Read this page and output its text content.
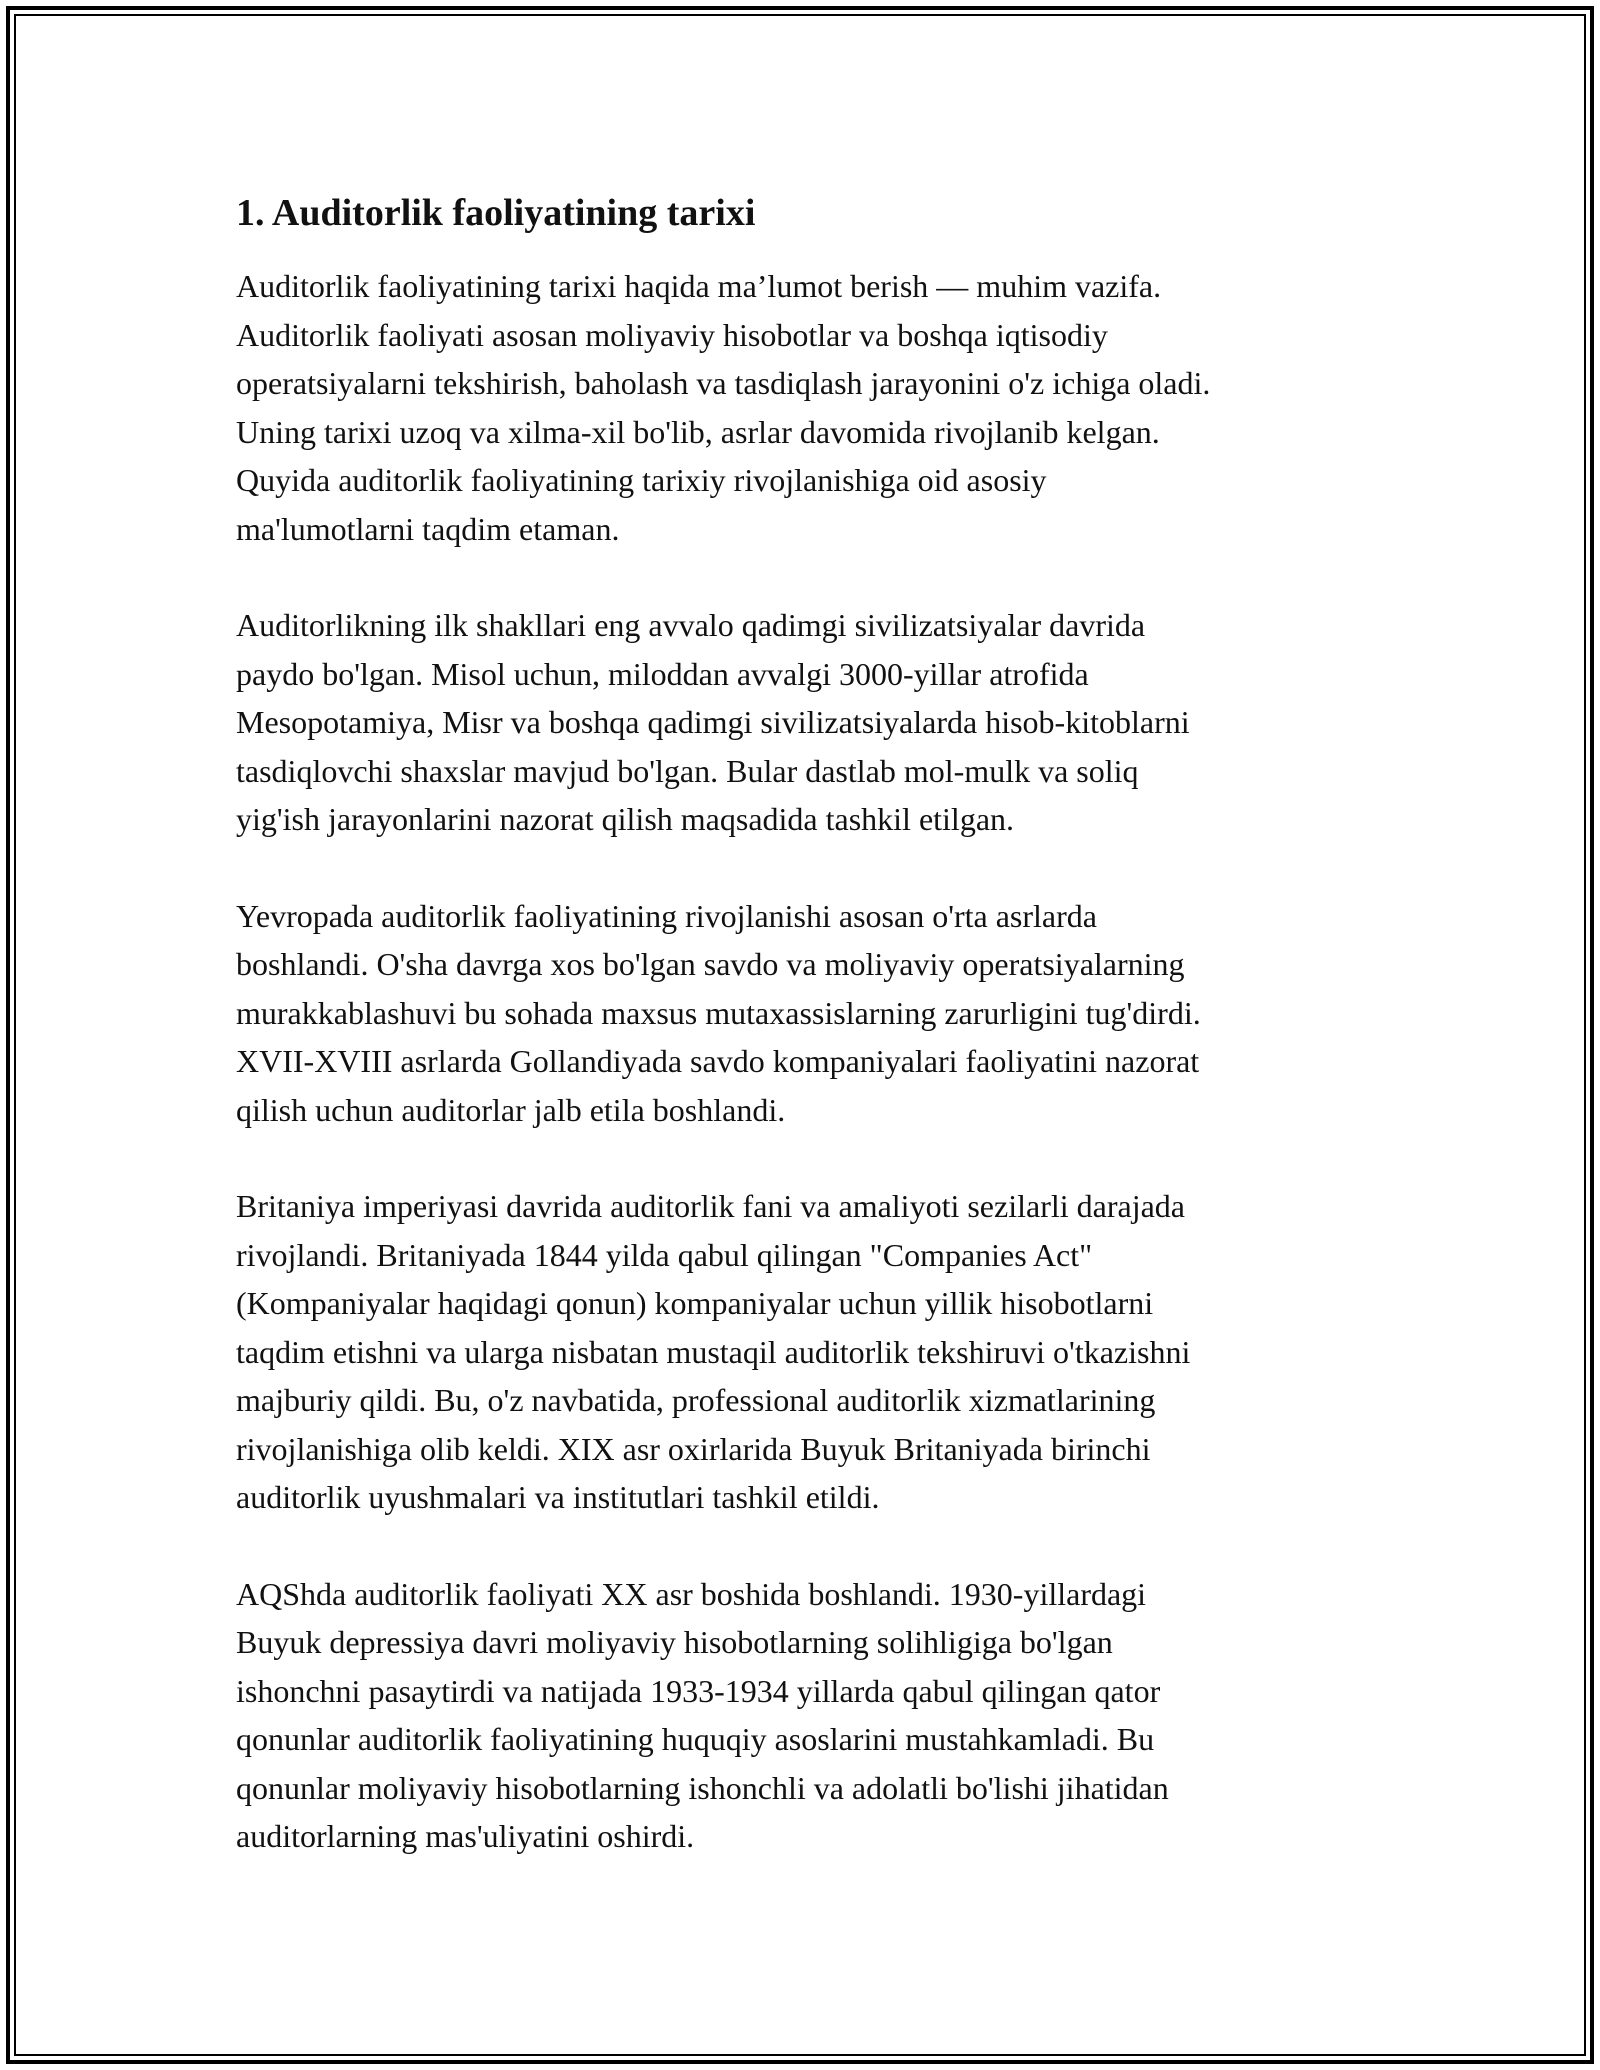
1. Auditorlik faoliyatining tarixi

Auditorlik faoliyatining tarixi haqida ma’lumot berish — muhim vazifa.
Auditorlik faoliyati asosan moliyaviy hisobotlar va boshqa iqtisodiy
operatsiyalarni tekshirish, baholash va tasdiqlash jarayonini o'z ichiga oladi.
Uning tarixi uzoq va xilma-xil bo'lib, asrlar davomida rivojlanib kelgan.
Quyida auditorlik faoliyatining tarixiy rivojlanishiga oid asosiy
ma'lumotlarni taqdim etaman.

Auditorlikning ilk shakllari eng avvalo qadimgi sivilizatsiyalar davrida
paydo bo'lgan. Misol uchun, miloddan avvalgi 3000-yillar atrofida
Mesopotamiya, Misr va boshqa qadimgi sivilizatsiyalarda hisob-kitoblarni
tasdiqlovchi shaxslar mavjud bo'lgan. Bular dastlab mol-mulk va soliq
yig'ish jarayonlarini nazorat qilish maqsadida tashkil etilgan.

Yevropada auditorlik faoliyatining rivojlanishi asosan o'rta asrlarda
boshlandi. O'sha davrga xos bo'lgan savdo va moliyaviy operatsiyalarning
murakkablashuvi bu sohada maxsus mutaxassislarning zarurligini tug'dirdi.
XVII-XVIII asrlarda Gollandiyada savdo kompaniyalari faoliyatini nazorat
qilish uchun auditorlar jalb etila boshlandi.

Britaniya imperiyasi davrida auditorlik fani va amaliyoti sezilarli darajada
rivojlandi. Britaniyada 1844 yilda qabul qilingan "Companies Act"
(Kompaniyalar haqidagi qonun) kompaniyalar uchun yillik hisobotlarni
taqdim etishni va ularga nisbatan mustaqil auditorlik tekshiruvi o'tkazishni
majburiy qildi. Bu, o'z navbatida, professional auditorlik xizmatlarining
rivojlanishiga olib keldi. XIX asr oxirlarida Buyuk Britaniyada birinchi
auditorlik uyushmalari va institutlari tashkil etildi.

AQShda auditorlik faoliyati XX asr boshida boshlandi. 1930-yillardagi
Buyuk depressiya davri moliyaviy hisobotlarning solihligiga bo'lgan
ishonchni pasaytirdi va natijada 1933-1934 yillarda qabul qilingan qator
qonunlar auditorlik faoliyatining huquqiy asoslarini mustahkamladi. Bu
qonunlar moliyaviy hisobotlarning ishonchli va adolatli bo'lishi jihatidan
auditorlarning mas'uliyatini oshirdi.
